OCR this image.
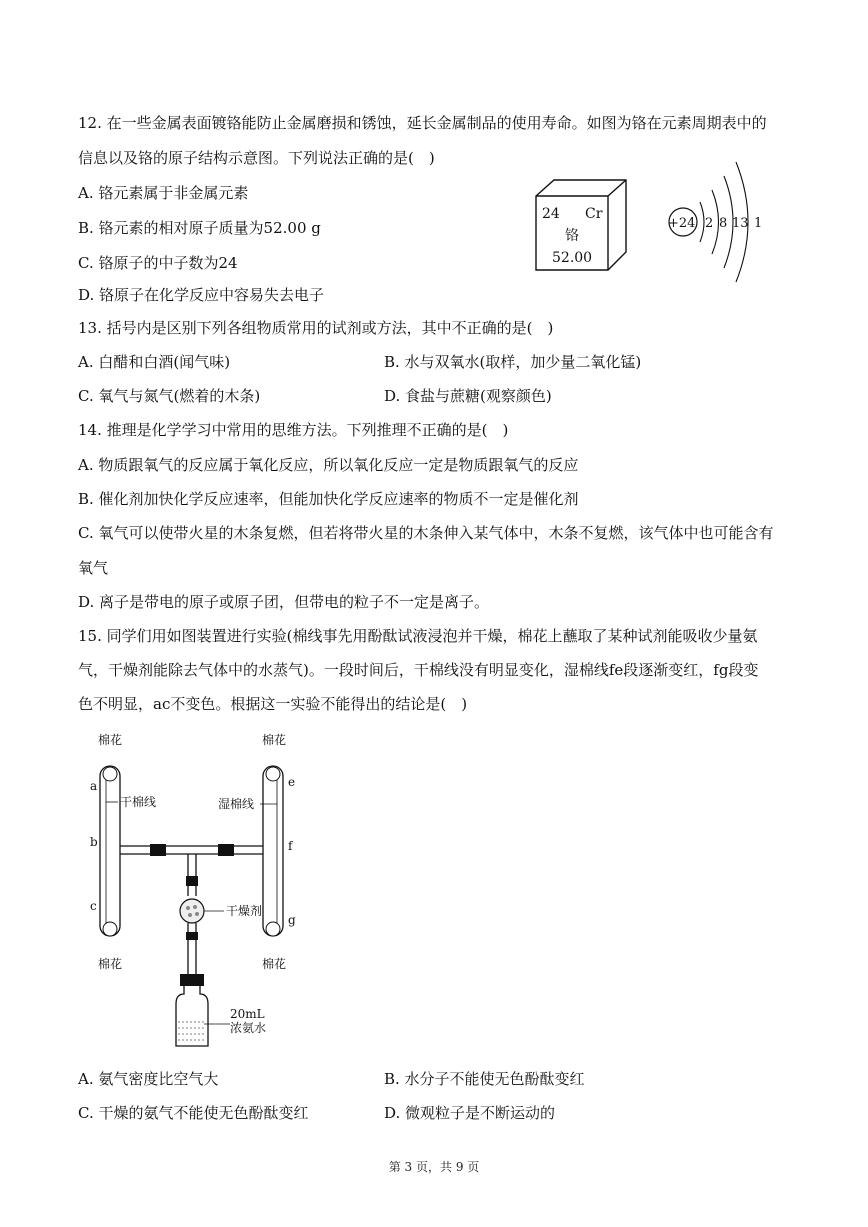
12. 在一些金属表面镀铬能防止金属磨损和锈蚀，延长金属制品的使用寿命。如图为铬在元素周期表中的
信息以及铬的原子结构示意图。下列说法正确的是(　)
A. 铬元素属于非金属元素
B. 铬元素的相对原子质量为52.00 g
C. 铬原子的中子数为24
D. 铬原子在化学反应中容易失去电子
24 Cr
铬
52.00
+24 2 8 13 1
13. 括号内是区别下列各组物质常用的试剂或方法，其中不正确的是(　)
A. 白醋和白酒(闻气味)	B. 水与双氧水(取样，加少量二氧化锰)
C. 氧气与氮气(燃着的木条)	D. 食盐与蔗糖(观察颜色)
14. 推理是化学学习中常用的思维方法。下列推理不正确的是(　)
A. 物质跟氧气的反应属于氧化反应，所以氧化反应一定是物质跟氧气的反应
B. 催化剂加快化学反应速率，但能加快化学反应速率的物质不一定是催化剂
C. 氧气可以使带火星的木条复燃，但若将带火星的木条伸入某气体中，木条不复燃，该气体中也可能含有
氧气
D. 离子是带电的原子或原子团，但带电的粒子不一定是离子。
15. 同学们用如图装置进行实验(棉线事先用酚酞试液浸泡并干燥，棉花上蘸取了某种试剂能吸收少量氨
气，干燥剂能除去气体中的水蒸气)。一段时间后，干棉线没有明显变化，湿棉线fe段逐渐变红，fg段变
色不明显，ac不变色。根据这一实验不能得出的结论是(　)
棉花	棉花
a
b
c
e
f
g
干棉线	湿棉线
干燥剂
棉花	棉花
20mL
浓氨水
A. 氨气密度比空气大	B. 水分子不能使无色酚酞变红
C. 干燥的氨气不能使无色酚酞变红	D. 微观粒子是不断运动的
第 3 页，共 9 页
